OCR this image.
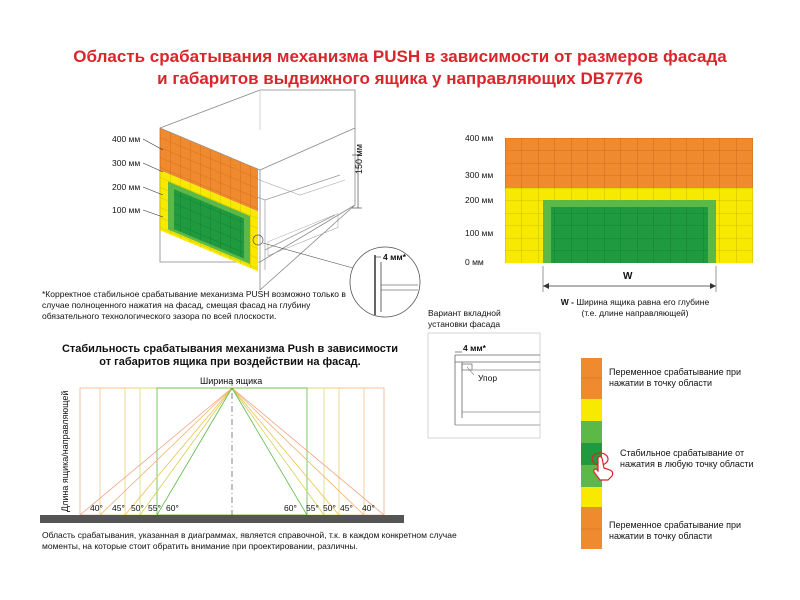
Область срабатывания механизма PUSH в зависимости от размеров фасада
и габаритов выдвижного ящика у направляющих DB7776
400 мм
300 мм
200 мм
100 мм
150 мм
4 мм*
*Корректное стабильное срабатывание механизма PUSH возможно только в случае полноценного нажатия на фасад, смещая фасад на глубину обязательного технологического зазора по всей плоскости.
400 мм
300 мм
200 мм
100 мм
0 мм
W
W - Ширина ящика равна его глубине
(т.е. длине направляющей)
Вариант вкладной
установки фасада
4 мм*
Упор
Стабильность срабатывания механизма Push в зависимости
от габаритов ящика при воздействии на фасад.
Ширина ящика
Длина ящика/направляющей 40° 45° 50° 55° 60°	60° 55° 50° 45° 40°
Область срабатывания, указанная в диаграммах, является справочной, т.к. в каждом конкретном случае моменты, на которые стоит обратить внимание при проектировании, различны.
Переменное срабатывание при нажатии в точку области
Стабильное срабатывание от нажатия в любую точку области
Переменное срабатывание при нажатии в точку области
